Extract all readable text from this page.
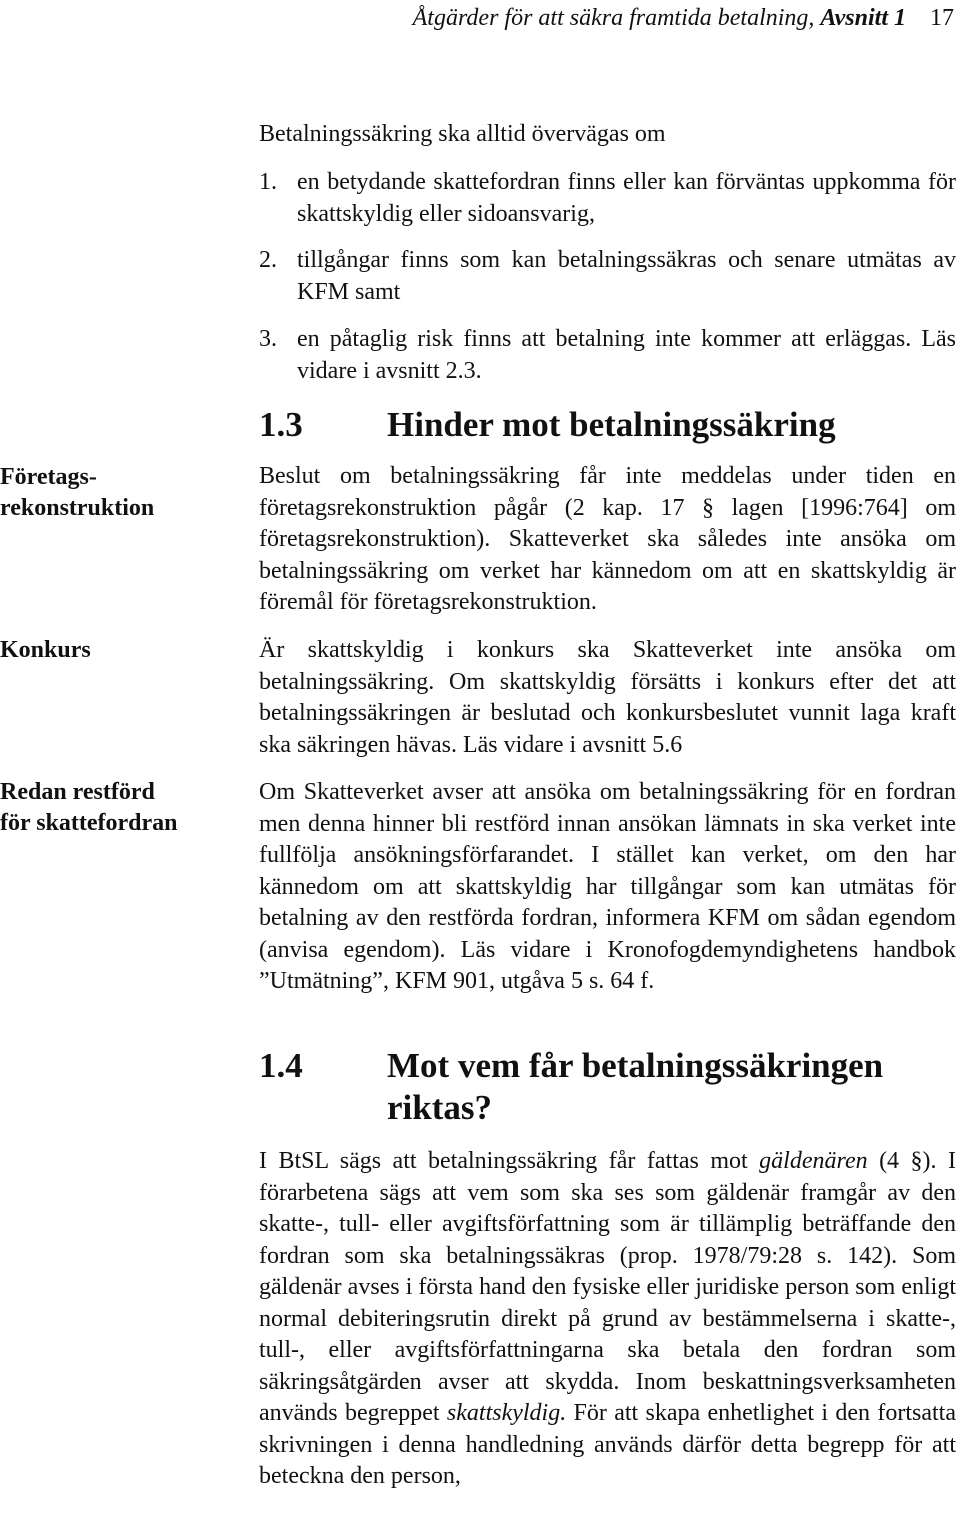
Åtgärder för att säkra framtida betalning, Avsnitt 1 17
Betalningssäkring ska alltid övervägas om
1. en betydande skattefordran finns eller kan förväntas uppkomma för skattskyldig eller sidoansvarig,
2. tillgångar finns som kan betalningssäkras och senare utmätas av KFM samt
3. en påtaglig risk finns att betalning inte kommer att erläggas. Läs vidare i avsnitt 2.3.
1.3 Hinder mot betalningssäkring
Företags-
rekonstruktion

Beslut om betalningssäkring får inte meddelas under tiden en företagsrekonstruktion pågår (2 kap. 17 § lagen [1996:764] om företagsrekonstruktion). Skatteverket ska således inte ansöka om betalningssäkring om verket har kännedom om att en skattskyldig är föremål för företagsrekonstruktion.

Konkurs	Är skattskyldig i konkurs ska Skatteverket inte ansöka om betalningssäkring. Om skattskyldig försätts i konkurs efter det att betalningssäkringen är beslutad och konkursbeslutet vunnit laga kraft ska säkringen hävas. Läs vidare i avsnitt 5.6

Redan restförd
för skattefordran

Om Skatteverket avser att ansöka om betalningssäkring för en fordran men denna hinner bli restförd innan ansökan lämnats in ska verket inte fullfölja ansökningsförfarandet. I stället kan verket, om den har kännedom om att skattskyldig har tillgångar som kan utmätas för betalning av den restförda fordran, informera KFM om sådan egendom (anvisa egendom). Läs vidare i Kronofogdemyndighetens handbok ”Utmätning”, KFM 901, utgåva 5 s. 64 f.

1.4 Mot vem får betalningssäkringen riktas?

I BtSL sägs att betalningssäkring får fattas mot gäldenären (4 §). I förarbetena sägs att vem som ska ses som gäldenär framgår av den skatte-, tull- eller avgiftsförfattning som är tillämplig beträffande den fordran som ska betalningssäkras (prop. 1978/79:28 s. 142). Som gäldenär avses i första hand den fysiske eller juridiske person som enligt normal debiteringsrutin direkt på grund av bestämmelserna i skatte-, tull-, eller avgiftsförfattningarna ska betala den fordran som säkringsåtgärden avser att skydda. Inom beskattningsverksamheten används begreppet skattskyldig. För att skapa enhetlighet i den fortsatta skrivningen i denna handledning används därför detta begrepp för att beteckna den person,
